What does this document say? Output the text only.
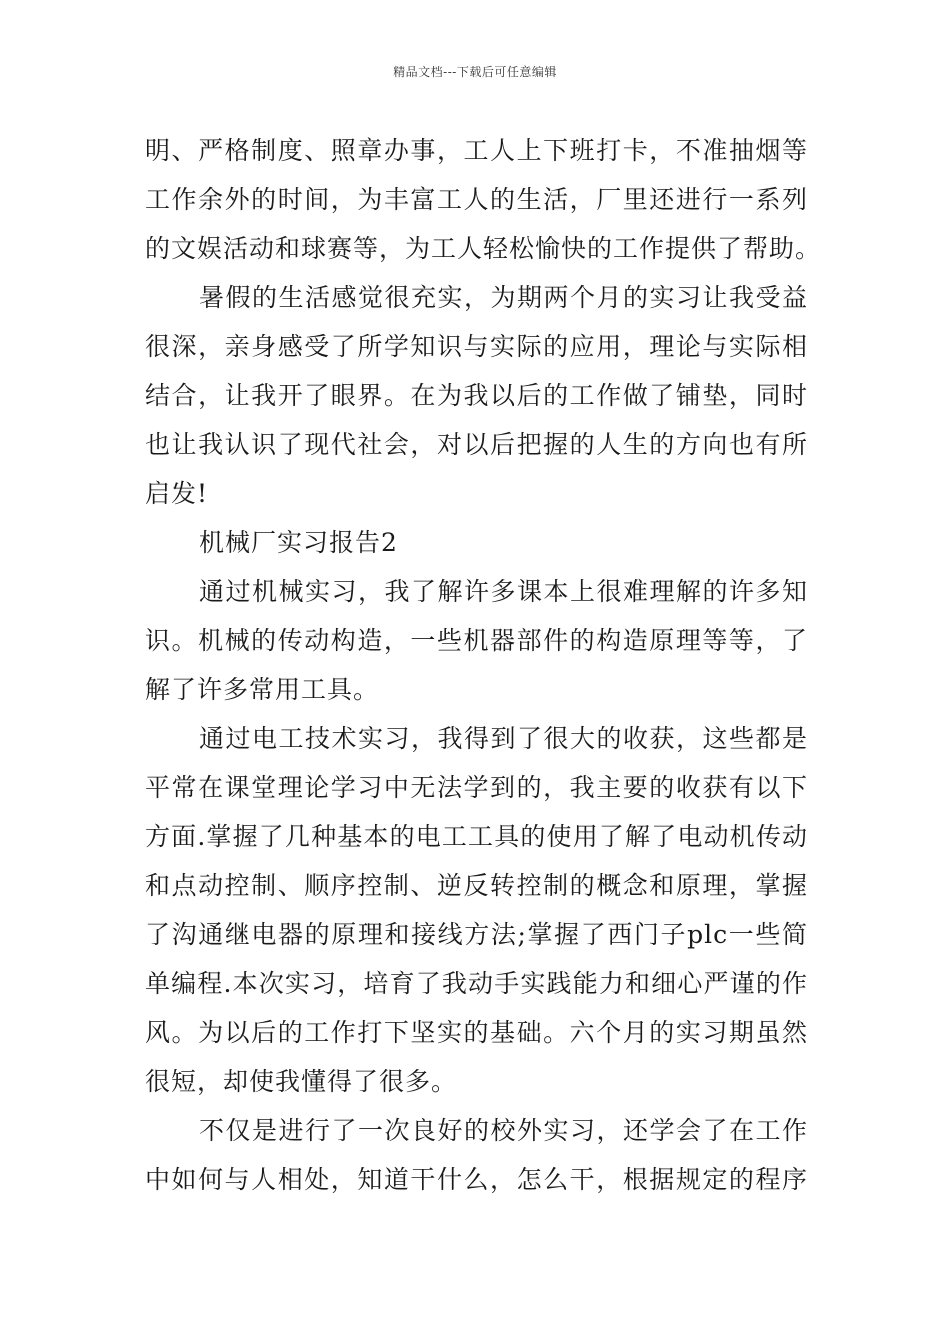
精品文档---下载后可任意编辑
明、严格制度、照章办事，工人上下班打卡，不准抽烟等
工作余外的时间，为丰富工人的生活，厂里还进行一系列
的文娱活动和球赛等，为工人轻松愉快的工作提供了帮助。
暑假的生活感觉很充实，为期两个月的实习让我受益
很深，亲身感受了所学知识与实际的应用，理论与实际相
结合，让我开了眼界。在为我以后的工作做了铺垫，同时
也让我认识了现代社会，对以后把握的人生的方向也有所
启发!
机械厂实习报告2
通过机械实习，我了解许多课本上很难理解的许多知
识。机械的传动构造，一些机器部件的构造原理等等，了
解了许多常用工具。
通过电工技术实习，我得到了很大的收获，这些都是
平常在课堂理论学习中无法学到的，我主要的收获有以下
方面.掌握了几种基本的电工工具的使用了解了电动机传动
和点动控制、顺序控制、逆反转控制的概念和原理，掌握
了沟通继电器的原理和接线方法;掌握了西门子plc一些简
单编程.本次实习，培育了我动手实践能力和细心严谨的作
风。为以后的工作打下坚实的基础。六个月的实习期虽然
很短，却使我懂得了很多。
不仅是进行了一次良好的校外实习，还学会了在工作
中如何与人相处，知道干什么，怎么干，根据规定的程序
